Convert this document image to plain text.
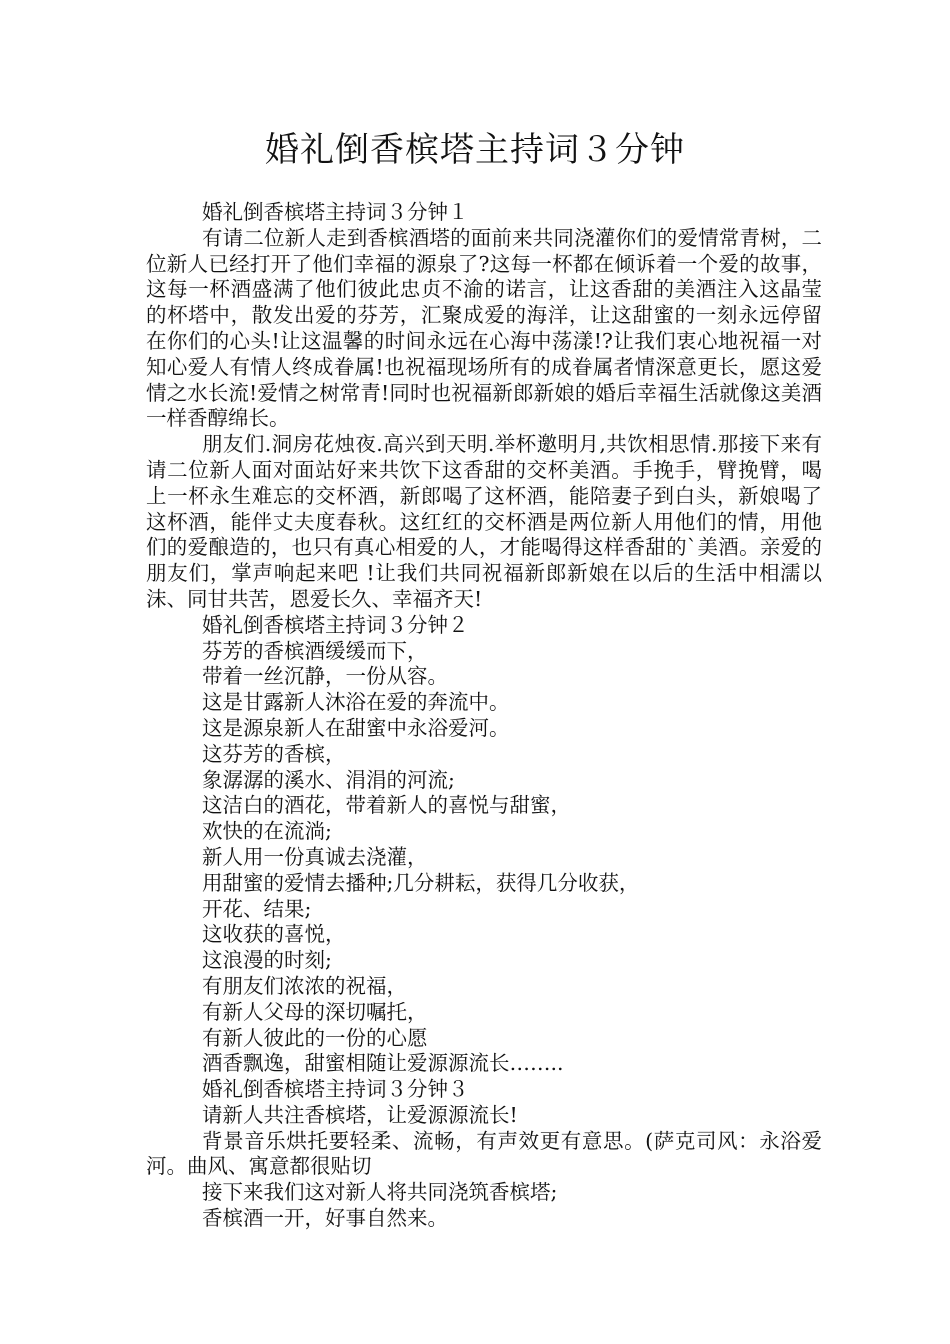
婚礼倒香槟塔主持词３分钟

婚礼倒香槟塔主持词３分钟１

有请二位新人走到香槟酒塔的面前来共同浇灌你们的爱情常青树，二位新人已经打开了他们幸福的源泉了?这每一杯都在倾诉着一个爱的故事，这每一杯酒盛满了他们彼此忠贞不渝的诺言，让这香甜的美酒注入这晶莹的杯塔中，散发出爱的芬芳，汇聚成爱的海洋，让这甜蜜的一刻永远停留在你们的心头!让这温馨的时间永远在心海中荡漾!?让我们衷心地祝福一对知心爱人有情人终成眷属!也祝福现场所有的成眷属者情深意更长，愿这爱情之水长流!爱情之树常青!同时也祝福新郎新娘的婚后幸福生活就像这美酒一样香醇绵长。

朋友们.洞房花烛夜.高兴到天明.举杯邀明月,共饮相思情.那接下来有请二位新人面对面站好来共饮下这香甜的交杯美酒。手挽手，臂挽臂，喝上一杯永生难忘的交杯酒，新郎喝了这杯酒，能陪妻子到白头，新娘喝了这杯酒，能伴丈夫度春秋。这红红的交杯酒是两位新人用他们的情，用他们的爱酿造的，也只有真心相爱的人，才能喝得这样香甜的`美酒。亲爱的朋友们，掌声响起来吧 !让我们共同祝福新郎新娘在以后的生活中相濡以沫、同甘共苦，恩爱长久、幸福齐天!

婚礼倒香槟塔主持词３分钟２

芬芳的香槟酒缓缓而下，

带着一丝沉静，一份从容。

这是甘露新人沐浴在爱的奔流中。

这是源泉新人在甜蜜中永浴爱河。

这芬芳的香槟，

象潺潺的溪水、涓涓的河流;

这洁白的酒花，带着新人的喜悦与甜蜜，

欢快的在流淌;

新人用一份真诚去浇灌，

用甜蜜的爱情去播种;几分耕耘，获得几分收获，

开花、结果;

这收获的喜悦，

这浪漫的时刻;

有朋友们浓浓的祝福，

有新人父母的深切嘱托，

有新人彼此的一份的心愿

酒香飘逸，甜蜜相随让爱源源流长……..

婚礼倒香槟塔主持词３分钟３

请新人共注香槟塔，让爱源源流长!

背景音乐烘托要轻柔、流畅，有声效更有意思。(萨克司风：永浴爱河。曲风、寓意都很贴切

接下来我们这对新人将共同浇筑香槟塔;

香槟酒一开，好事自然来。
